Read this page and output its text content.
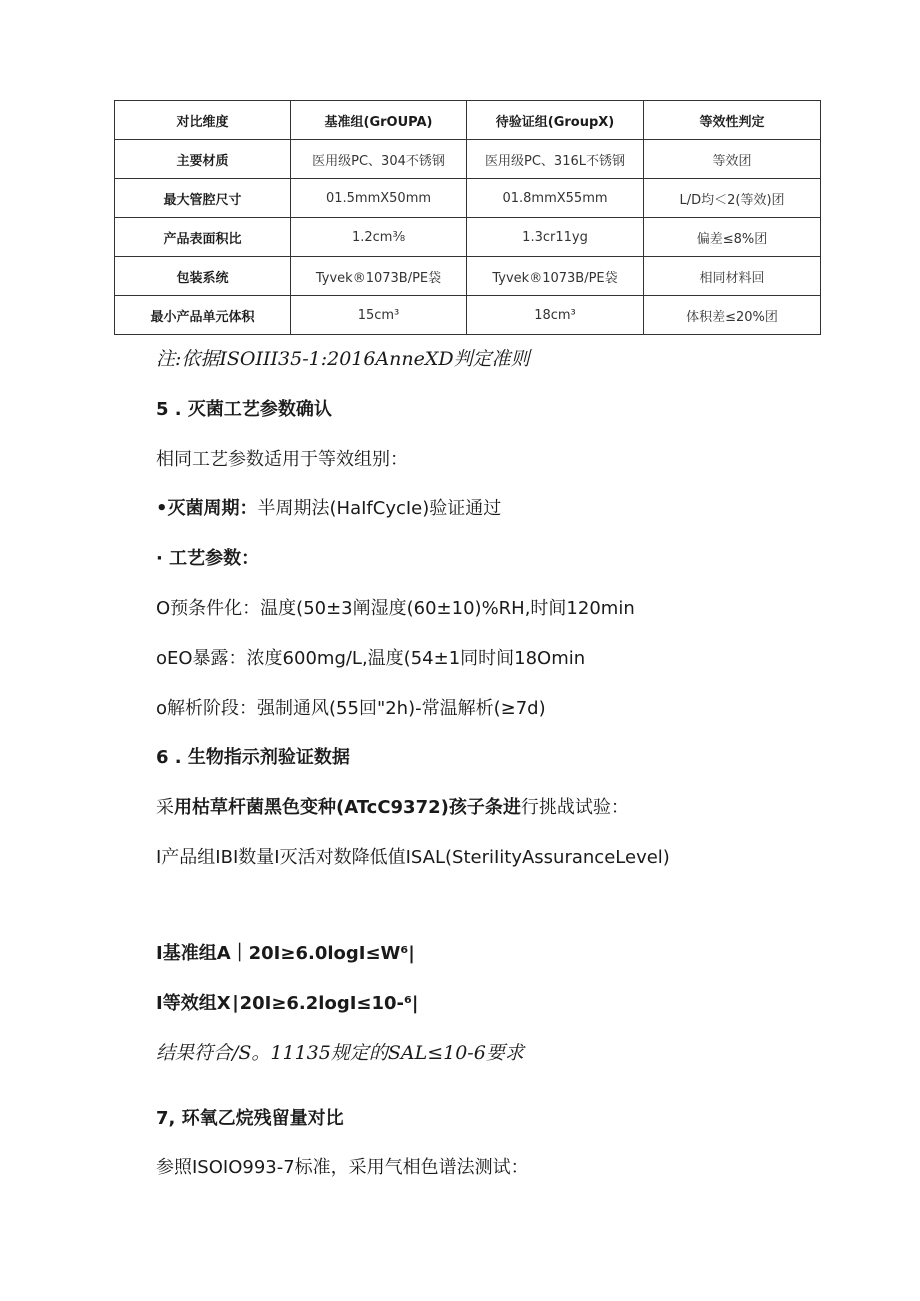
对比维度	基准组(GrOUPA)	待验证组(GroupX)	等效性判定
主要材质	医用级PC、304不锈钢	医用级PC、316L不锈钢	等效团
最大管腔尺寸	01.5mmX50mm	01.8mmX55mm	L/D均＜2(等效)团
产品表面积比	1.2cm⅜	1.3cr11yg	偏差≤8%团
包装系统	Tyvek®1073B/PE袋	Tyvek®1073B/PE袋	相同材料回
最小产品单元体积	15cm³	18cm³	体积差≤20%团
注:依据ISOIII35-1:2016AnneXD判定准则
5 . 灭菌工艺参数确认
相同工艺参数适用于等效组别：
•灭菌周期：半周期法(HaIfCycIe)验证通过
· 工艺参数：
O预条件化：温度(50±3阐湿度(60±10)%RH,时间120min
oEO暴露：浓度600mg∕L,温度(54±1同时间18Omin
o解析阶段：强制通风(55回"2h)-常温解析(≥7d)
6 . 生物指示剂验证数据
采用枯草杆菌黑色变种(ATcC9372)孩子条进行挑战试验：
I产品组IBI数量I灭活对数降低值ISAL(SteriIityAssuranceLevel)
I基准组A｜20I≥6.0logI≤W⁶|
I等效组X∣20I≥6.2logI≤10-⁶|
结果符合/S。11135规定的SAL≤10-6要求
7, 环氧乙烷残留量对比
参照ISOIO993-7标准，采用气相色谱法测试：
